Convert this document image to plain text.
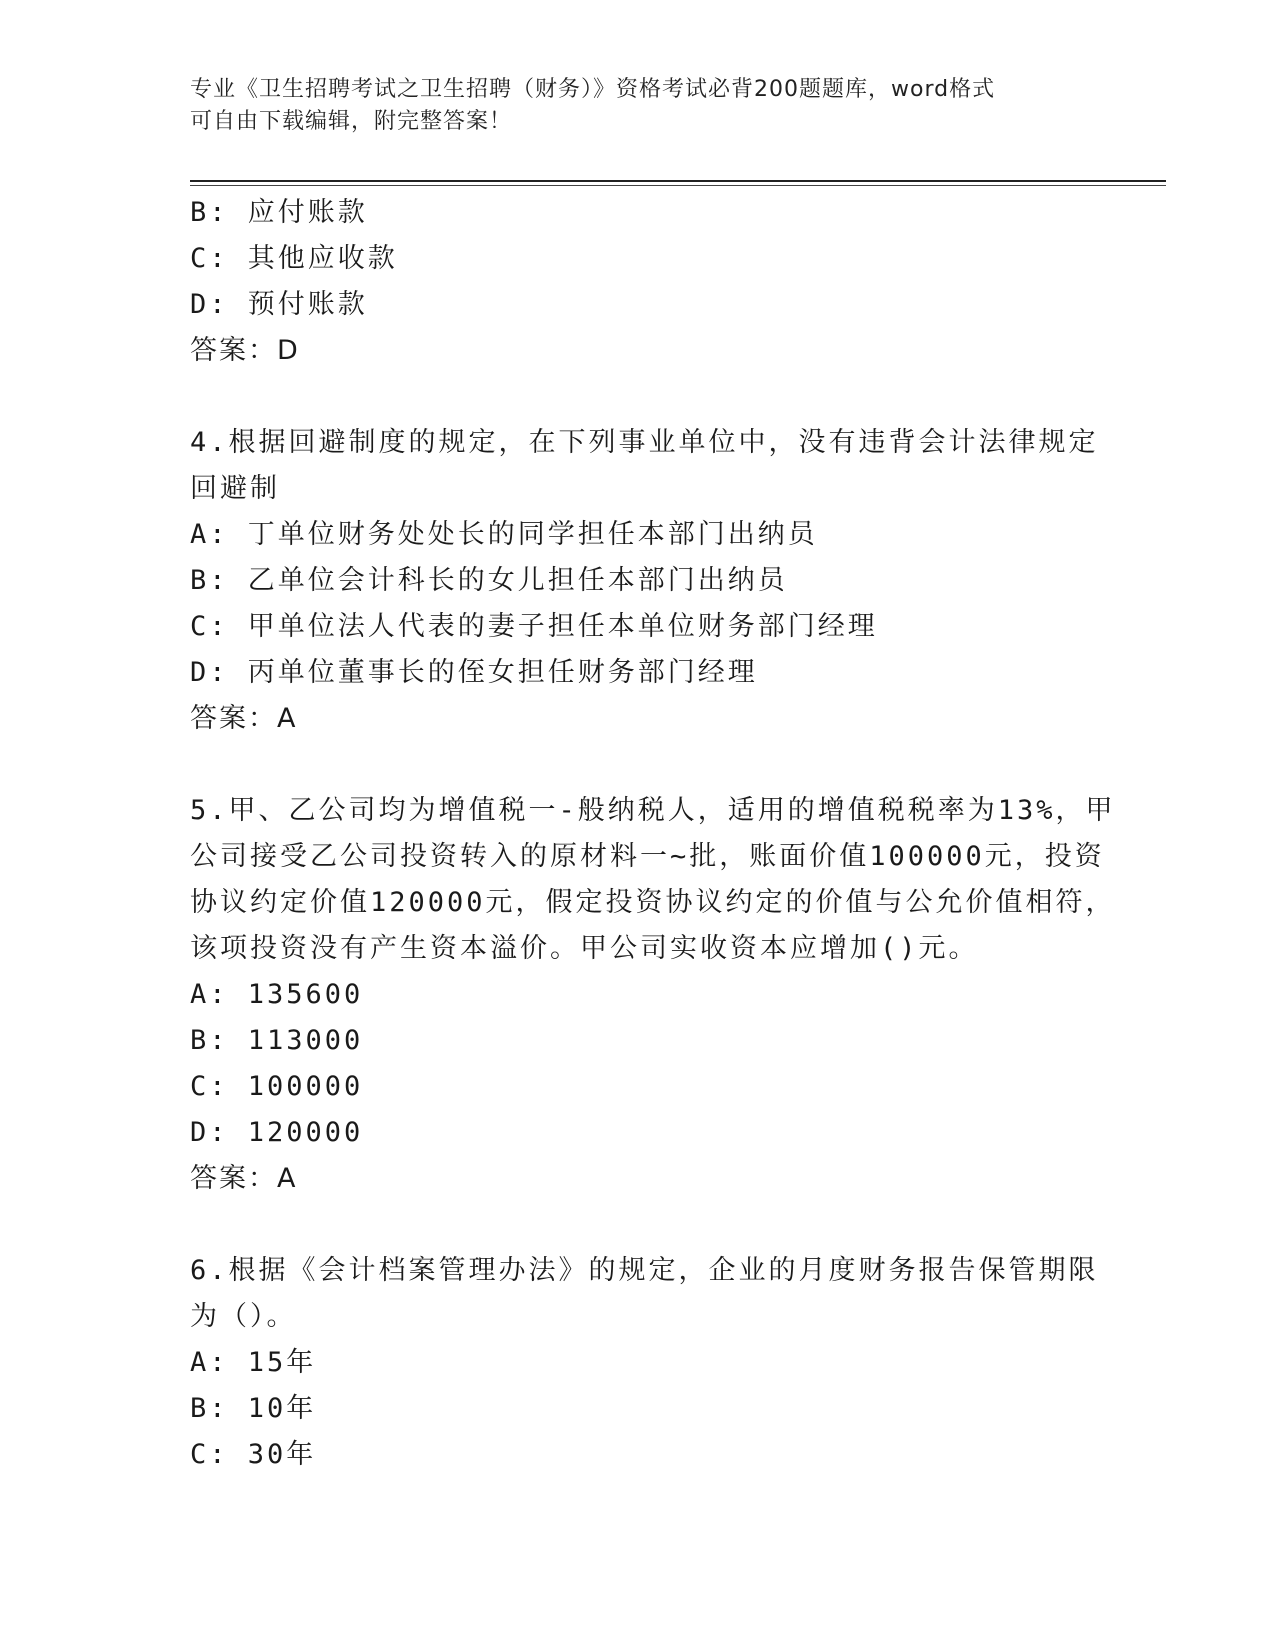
专业《卫生招聘考试之卫生招聘（财务）》资格考试必背200题题库，word格式
可自由下载编辑，附完整答案！
B: 应付账款
C: 其他应收款
D: 预付账款
答案：D
4.根据回避制度的规定，在下列事业单位中，没有违背会计法律规定
回避制
A: 丁单位财务处处长的同学担任本部门出纳员
B: 乙单位会计科长的女儿担任本部门出纳员
C: 甲单位法人代表的妻子担任本单位财务部门经理
D: 丙单位董事长的侄女担任财务部门经理
答案：A
5.甲、乙公司均为增值税一-般纳税人，适用的增值税税率为13%，甲
公司接受乙公司投资转入的原材料一~批，账面价值100000元，投资
协议约定价值120000元，假定投资协议约定的价值与公允价值相符，
该项投资没有产生资本溢价。甲公司实收资本应增加()元。
A: 135600
B: 113000
C: 100000
D: 120000
答案：A
6.根据《会计档案管理办法》的规定，企业的月度财务报告保管期限
为（）。
A: 15年
B: 10年
C: 30年
